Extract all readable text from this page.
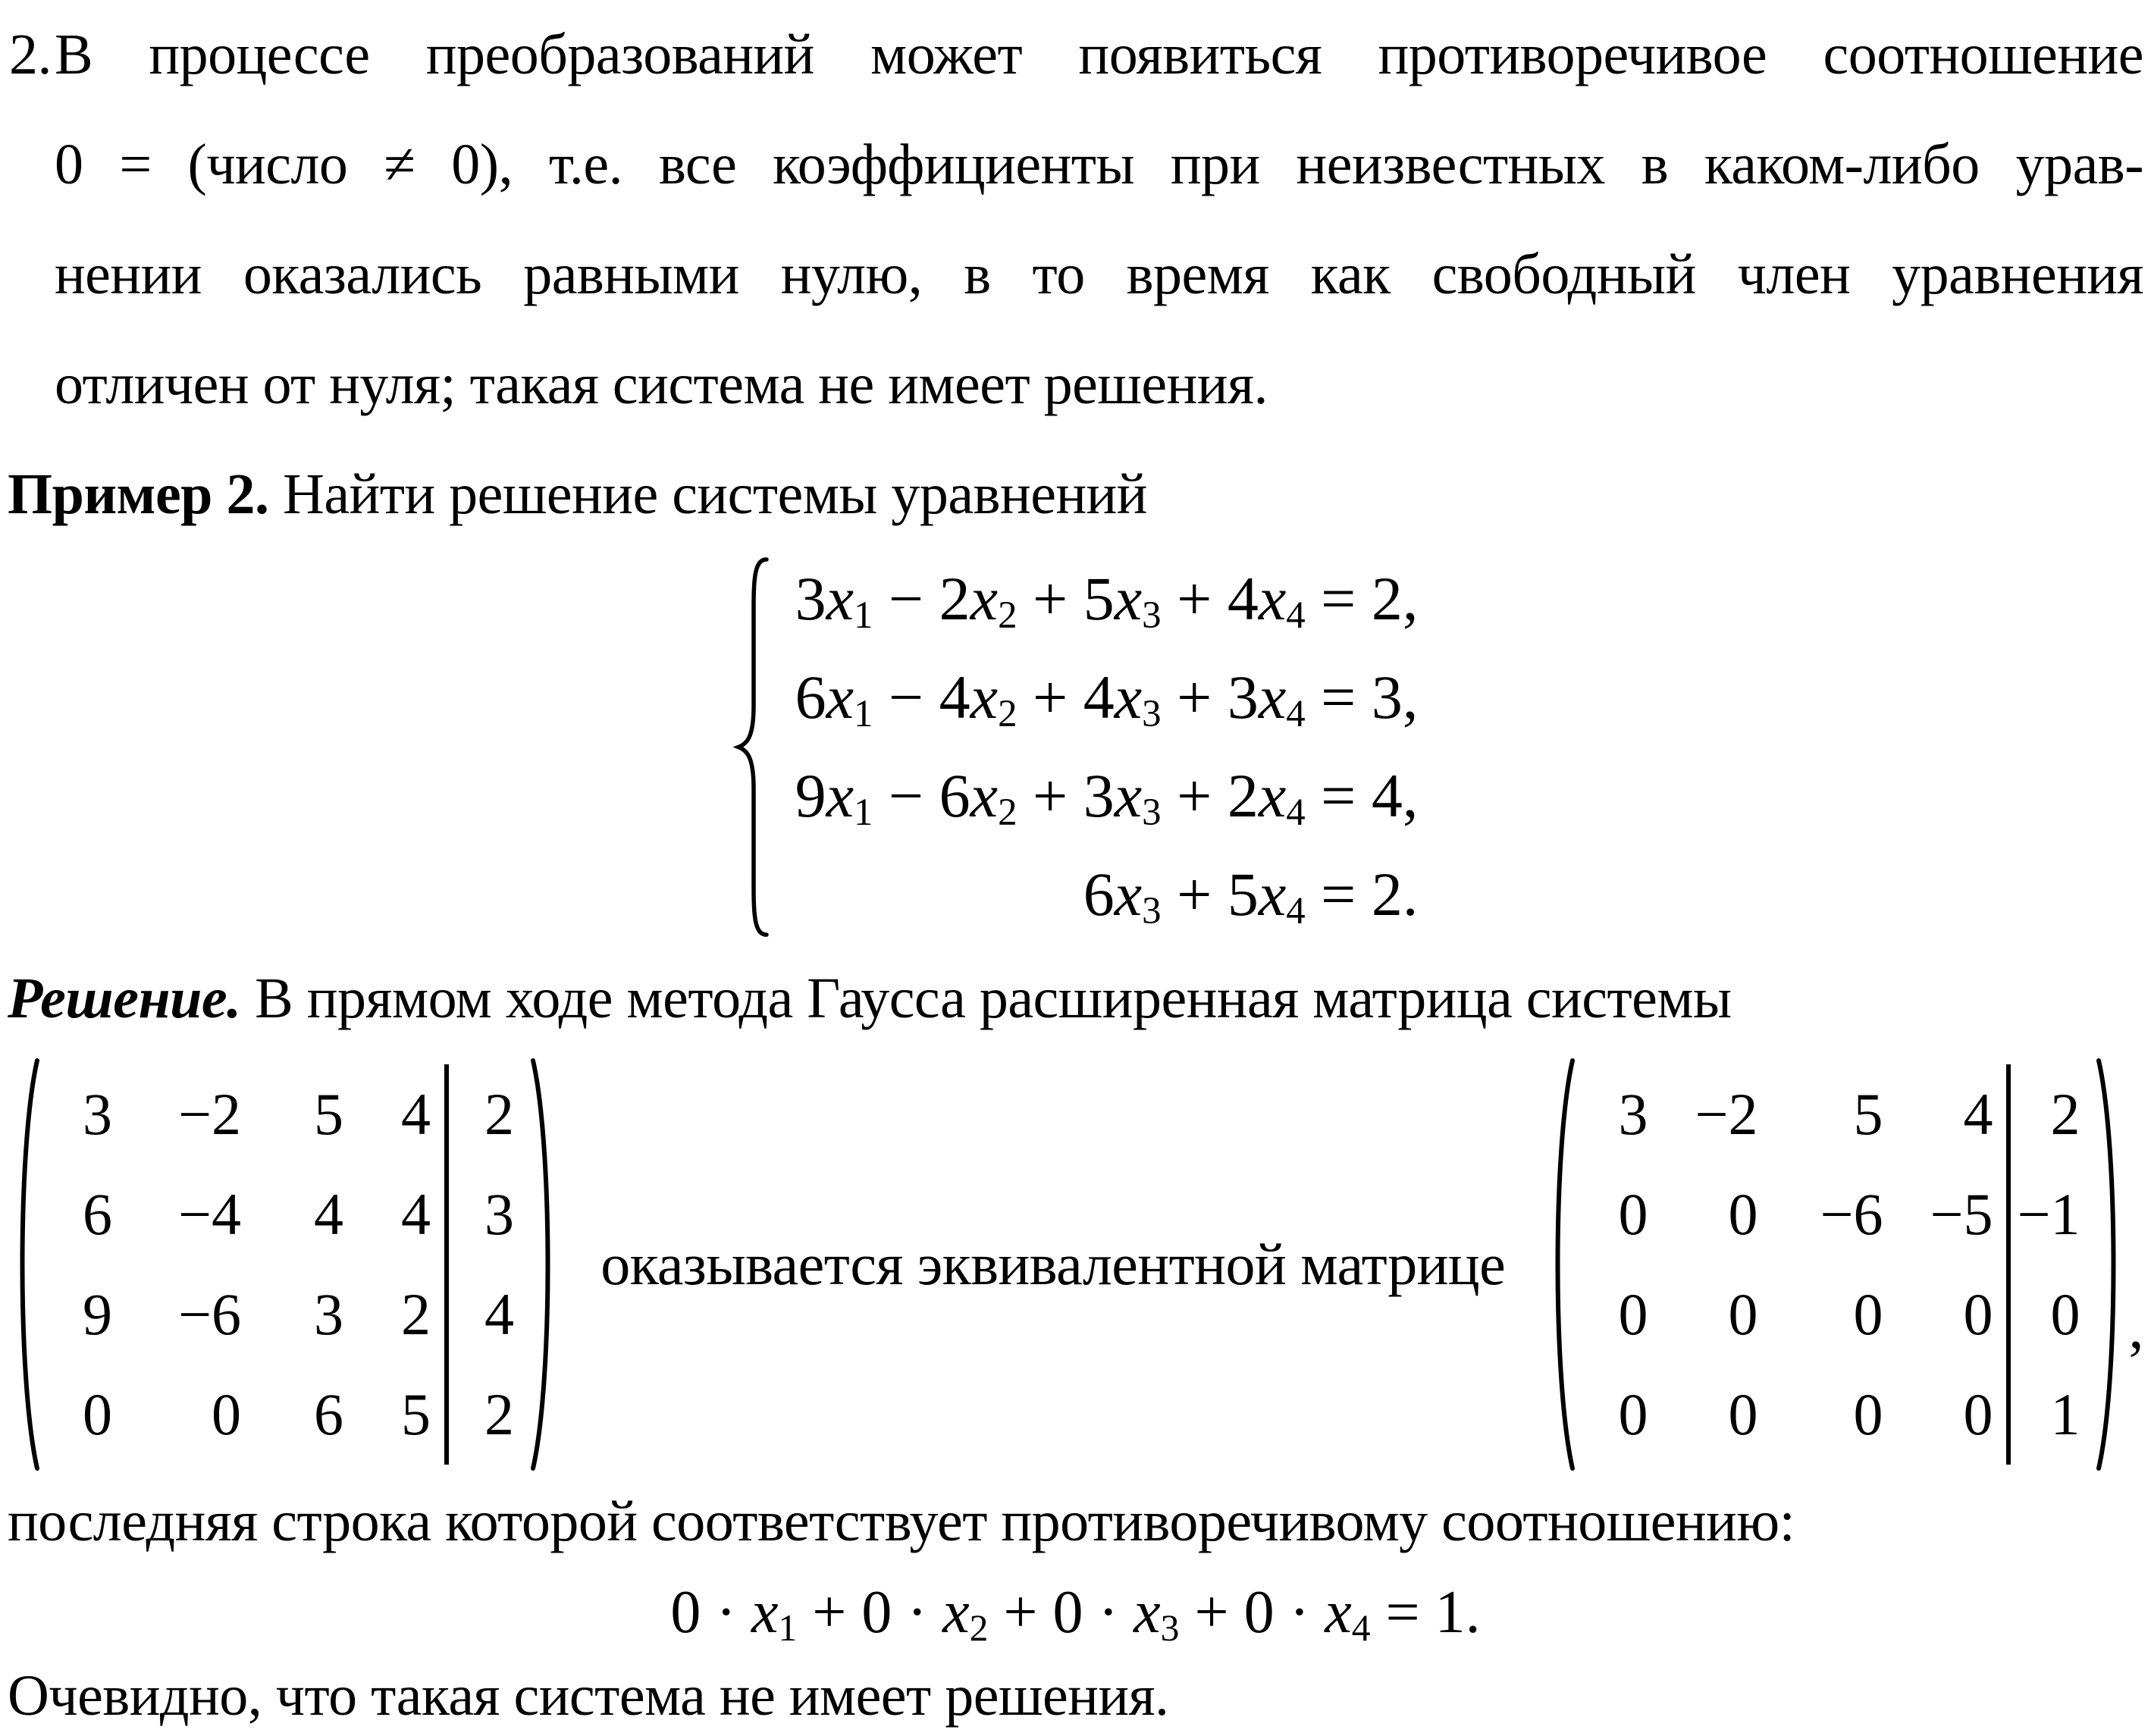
2. В процессе преобразований может появиться противоречивое соотношение
0 = (число ≠ 0), т.е. все коэффициенты при неизвестных в каком-либо урав-
нении оказались равными нулю, в то время как свободный член уравнения
отличен от нуля; такая система не имеет решения.
Пример 2. Найти решение системы уравнений
$3x_1 - 2x_2 + 5x_3 + 4x_4 = 2$,
$6x_1 - 4x_2 + 4x_3 + 3x_4 = 3$,
$9x_1 - 6x_2 + 3x_3 + 2x_4 = 4$,
$6x_3 + 5x_4 = 2$.
Решение. В прямом ходе метода Гаусса расширенная матрица системы
3	−2	5 4 2
6	−4	4 4 3
9	−6	3 2 4
0	0	6 5 2
оказывается эквивалентной матрице
3 −2	5	4 2
0	0	−6 −5 −1
0	0	0	0 0
0	0	0	0 1
,
последняя строка которой соответствует противоречивому соотношению:
$0 \cdot x_1 + 0 \cdot x_2 + 0 \cdot x_3 + 0 \cdot x_4 = 1$.
Очевидно, что такая система не имеет решения.
